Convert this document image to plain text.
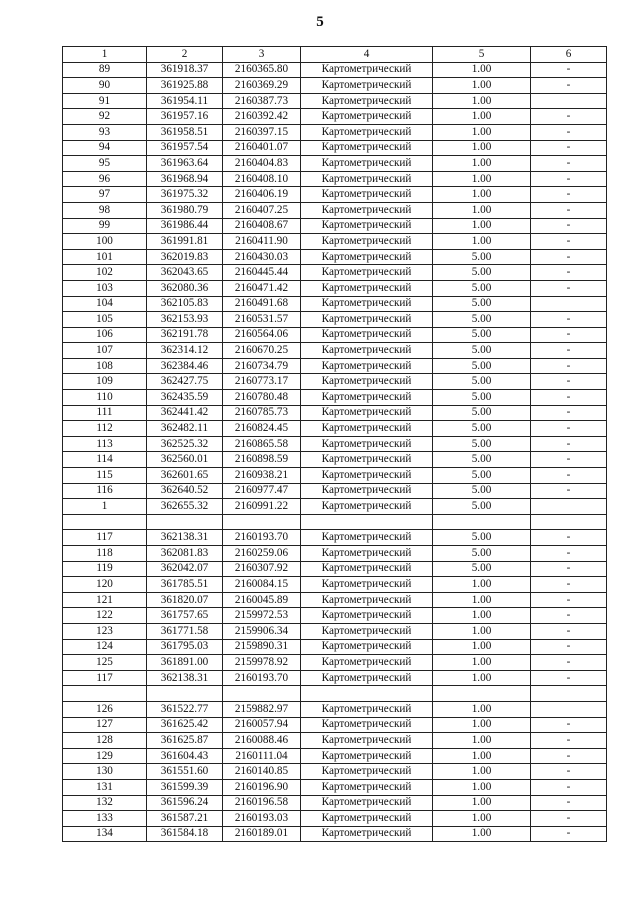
5
1	2	3	4	5	6
89	361918.37	2160365.80	Картометрический	1.00	-
90	361925.88	2160369.29	Картометрический	1.00	-
91	361954.11	2160387.73	Картометрический	1.00	
92	361957.16	2160392.42	Картометрический	1.00	-
93	361958.51	2160397.15	Картометрический	1.00	-
94	361957.54	2160401.07	Картометрический	1.00	-
95	361963.64	2160404.83	Картометрический	1.00	-
96	361968.94	2160408.10	Картометрический	1.00	-
97	361975.32	2160406.19	Картометрический	1.00	-
98	361980.79	2160407.25	Картометрический	1.00	-
99	361986.44	2160408.67	Картометрический	1.00	-
100	361991.81	2160411.90	Картометрический	1.00	-
101	362019.83	2160430.03	Картометрический	5.00	-
102	362043.65	2160445.44	Картометрический	5.00	-
103	362080.36	2160471.42	Картометрический	5.00	-
104	362105.83	2160491.68	Картометрический	5.00	
105	362153.93	2160531.57	Картометрический	5.00	-
106	362191.78	2160564.06	Картометрический	5.00	-
107	362314.12	2160670.25	Картометрический	5.00	-
108	362384.46	2160734.79	Картометрический	5.00	-
109	362427.75	2160773.17	Картометрический	5.00	-
110	362435.59	2160780.48	Картометрический	5.00	-
111	362441.42	2160785.73	Картометрический	5.00	-
112	362482.11	2160824.45	Картометрический	5.00	-
113	362525.32	2160865.58	Картометрический	5.00	-
114	362560.01	2160898.59	Картометрический	5.00	-
115	362601.65	2160938.21	Картометрический	5.00	-
116	362640.52	2160977.47	Картометрический	5.00	-
1	362655.32	2160991.22	Картометрический	5.00	

117	362138.31	2160193.70	Картометрический	5.00	-
118	362081.83	2160259.06	Картометрический	5.00	-
119	362042.07	2160307.92	Картометрический	5.00	-
120	361785.51	2160084.15	Картометрический	1.00	-
121	361820.07	2160045.89	Картометрический	1.00	-
122	361757.65	2159972.53	Картометрический	1.00	-
123	361771.58	2159906.34	Картометрический	1.00	-
124	361795.03	2159890.31	Картометрический	1.00	-
125	361891.00	2159978.92	Картометрический	1.00	-
117	362138.31	2160193.70	Картометрический	1.00	-

126	361522.77	2159882.97	Картометрический	1.00	
127	361625.42	2160057.94	Картометрический	1.00	-
128	361625.87	2160088.46	Картометрический	1.00	-
129	361604.43	2160111.04	Картометрический	1.00	-
130	361551.60	2160140.85	Картометрический	1.00	-
131	361599.39	2160196.90	Картометрический	1.00	-
132	361596.24	2160196.58	Картометрический	1.00	-
133	361587.21	2160193.03	Картометрический	1.00	-
134	361584.18	2160189.01	Картометрический	1.00	-
